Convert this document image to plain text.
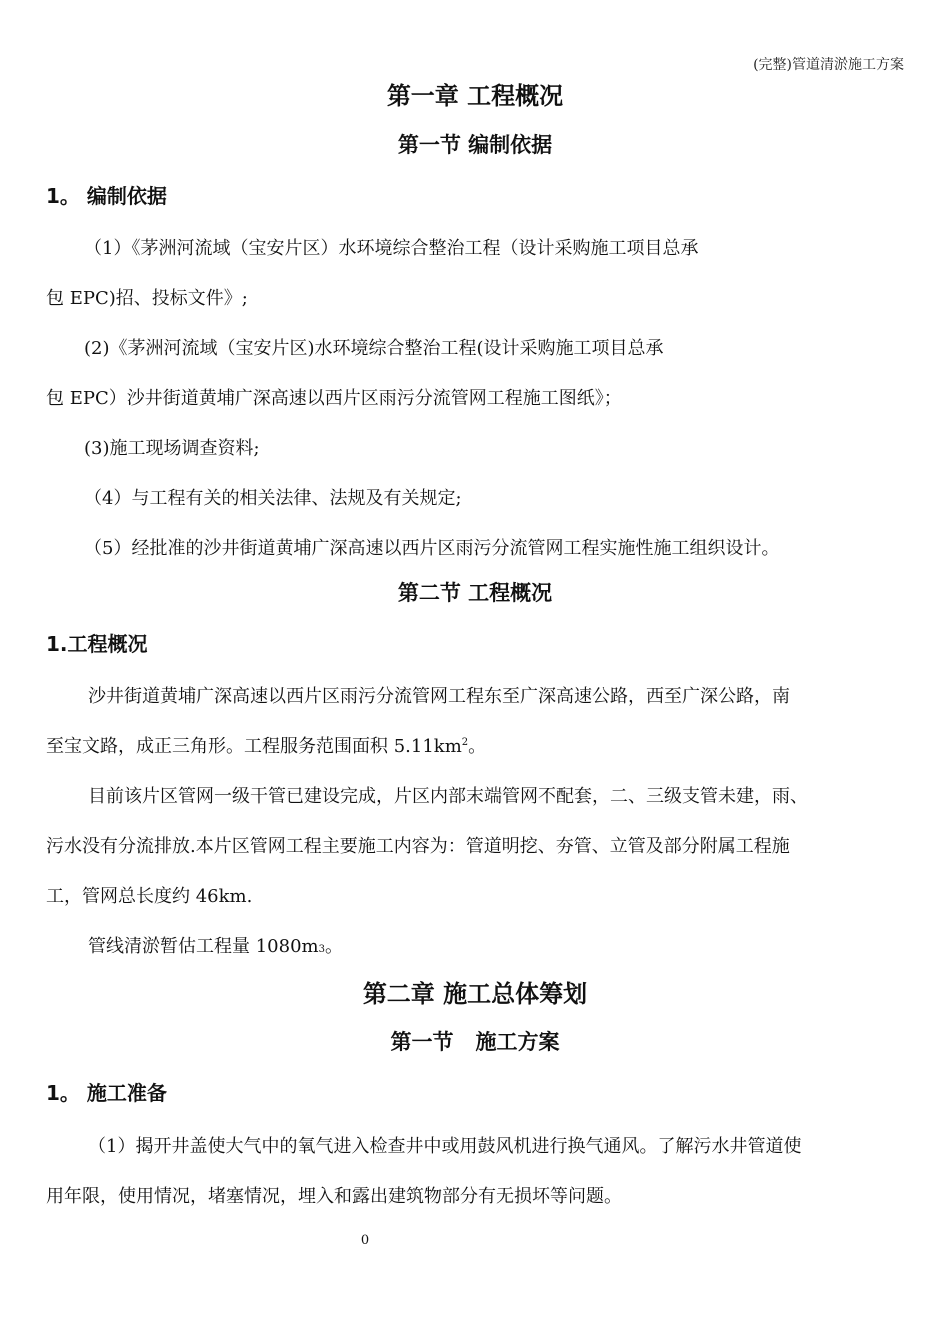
(完整)管道清淤施工方案
第一章 工程概况
第一节 编制依据
1。 编制依据
（1）《茅洲河流域（宝安片区）水环境综合整治工程（设计采购施工项目总承
包 EPC)招、投标文件》;
(2)《茅洲河流域（宝安片区)水环境综合整治工程(设计采购施工项目总承
包 EPC）沙井街道黄埔广深高速以西片区雨污分流管网工程施工图纸》；
(3)施工现场调查资料;
（4）与工程有关的相关法律、法规及有关规定;
（5）经批准的沙井街道黄埔广深高速以西片区雨污分流管网工程实施性施工组织设计。
第二节 工程概况
1.工程概况
沙井街道黄埔广深高速以西片区雨污分流管网工程东至广深高速公路，西至广深公路，南
至宝文路，成正三角形。工程服务范围面积 $5.11km^2$。
目前该片区管网一级干管已建设完成，片区内部末端管网不配套，二、三级支管未建，雨、
污水没有分流排放.本片区管网工程主要施工内容为：管道明挖、夯管、立管及部分附属工程施
工，管网总长度约 46km.
管线清淤暂估工程量 1080m3。
第二章 施工总体筹划
第一节   施工方案
1。 施工准备
（1）揭开井盖使大气中的氧气进入检查井中或用鼓风机进行换气通风。了解污水井管道使
用年限，使用情况，堵塞情况，埋入和露出建筑物部分有无损坏等问题。
0
